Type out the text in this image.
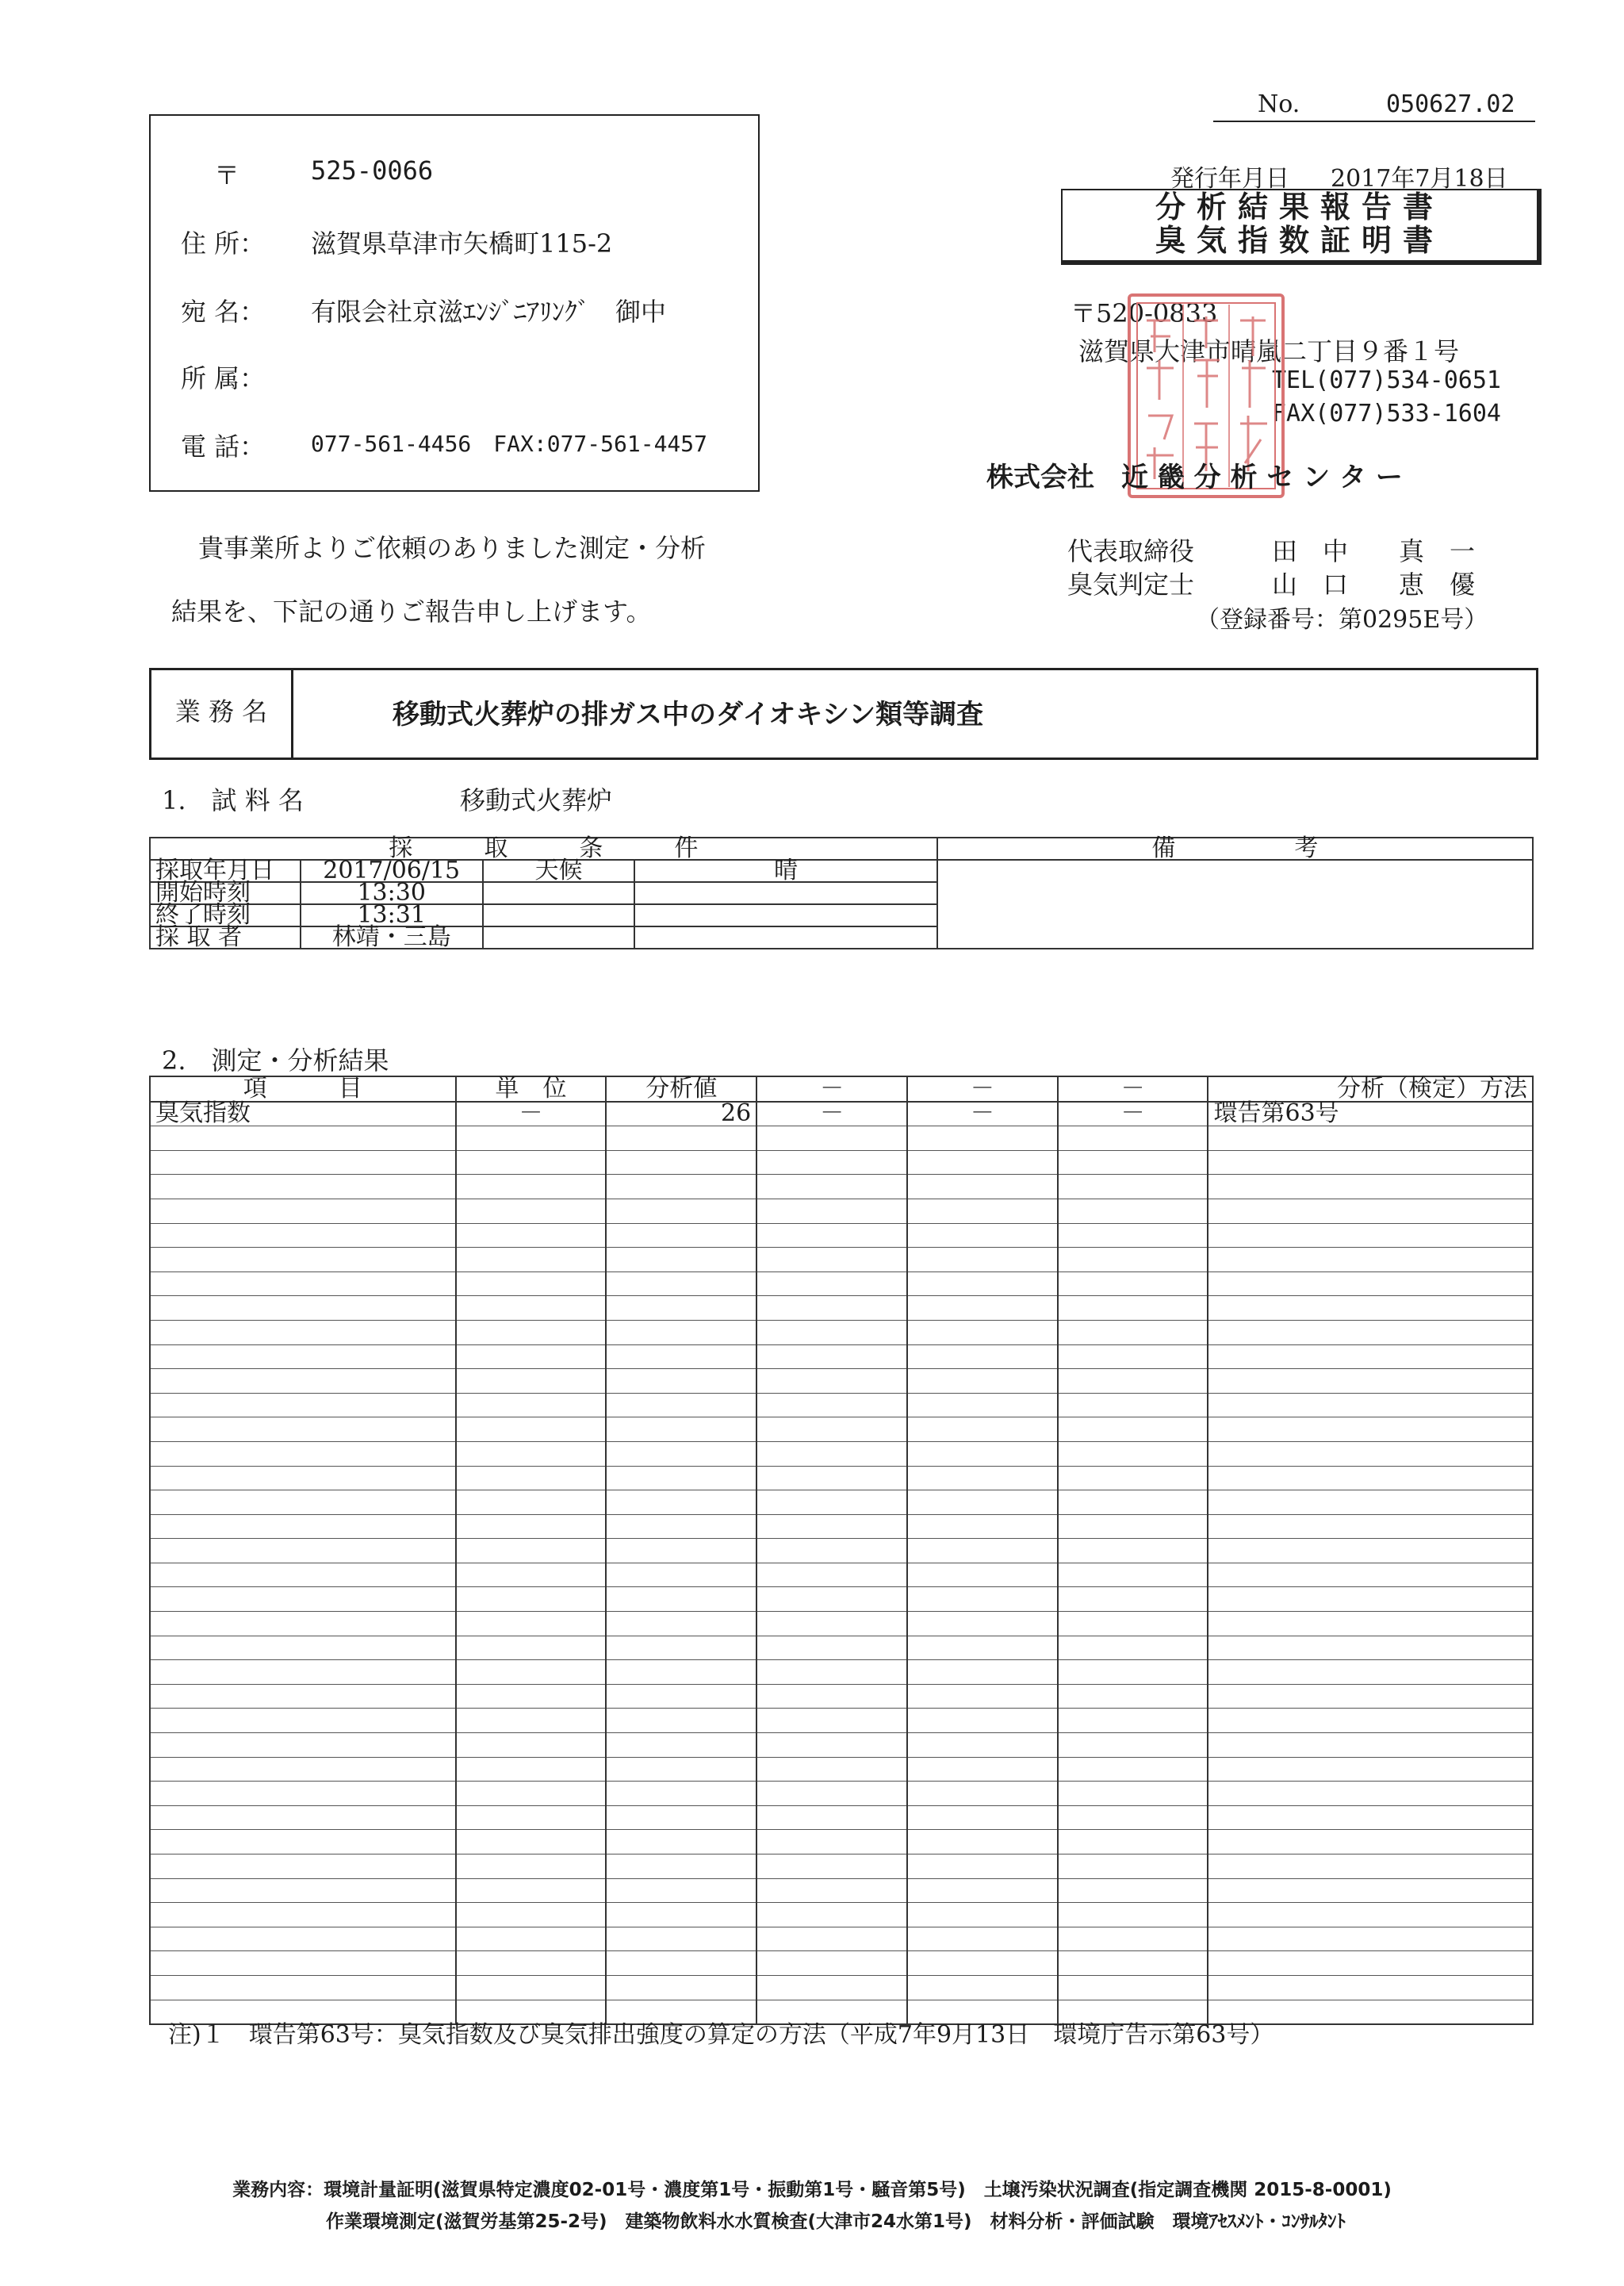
No.	050627.02
発行年月日 2017年7月18日
分析結果報告書
臭気指数証明書
〒	525-0066
住 所： 滋賀県草津市矢橋町115-2
宛 名： 有限会社京滋ｴﾝｼﾞﾆｱﾘﾝｸﾞ　御中
所 属：
電 話： 077-561-4456　FAX:077-561-4457
〒520-0833
滋賀県大津市晴嵐二丁目９番１号
TEL(077)534-0651
FAX(077)533-1604
株式会社　近 畿 分 析 セ ン タ ー
代表取締役	田　中　　真　一
臭気判定士	山　口　　恵　優
（登録番号：第0295E号）
貴事業所よりご依頼のありました測定・分析
結果を、下記の通りご報告申し上げます。
業 務 名	移動式火葬炉の排ガス中のダイオキシン類等調査
1.　試 料 名	移動式火葬炉
採　　　取　　　条　　　件				備　　　　　考
採取年月日	2017/06/15	天候	晴	
開始時刻	13:30			
終了時刻	13:31			
採 取 者	林靖・三島			
2.　測定・分析結果
項　　　目	単　位	分析値	－	－	－	分析（検定）方法
臭気指数	－	26	－	－	－	環告第63号

注)１　環告第63号：臭気指数及び臭気排出強度の算定の方法（平成7年9月13日　環境庁告示第63号）
業務内容：環境計量証明(滋賀県特定濃度02-01号・濃度第1号・振動第1号・騒音第5号)　土壌汚染状況調査(指定調査機関 2015-8-0001)
作業環境測定(滋賀労基第25-2号)　建築物飲料水水質検査(大津市24水第1号)　材料分析・評価試験　環境ｱｾｽﾒﾝﾄ・ｺﾝｻﾙﾀﾝﾄ
